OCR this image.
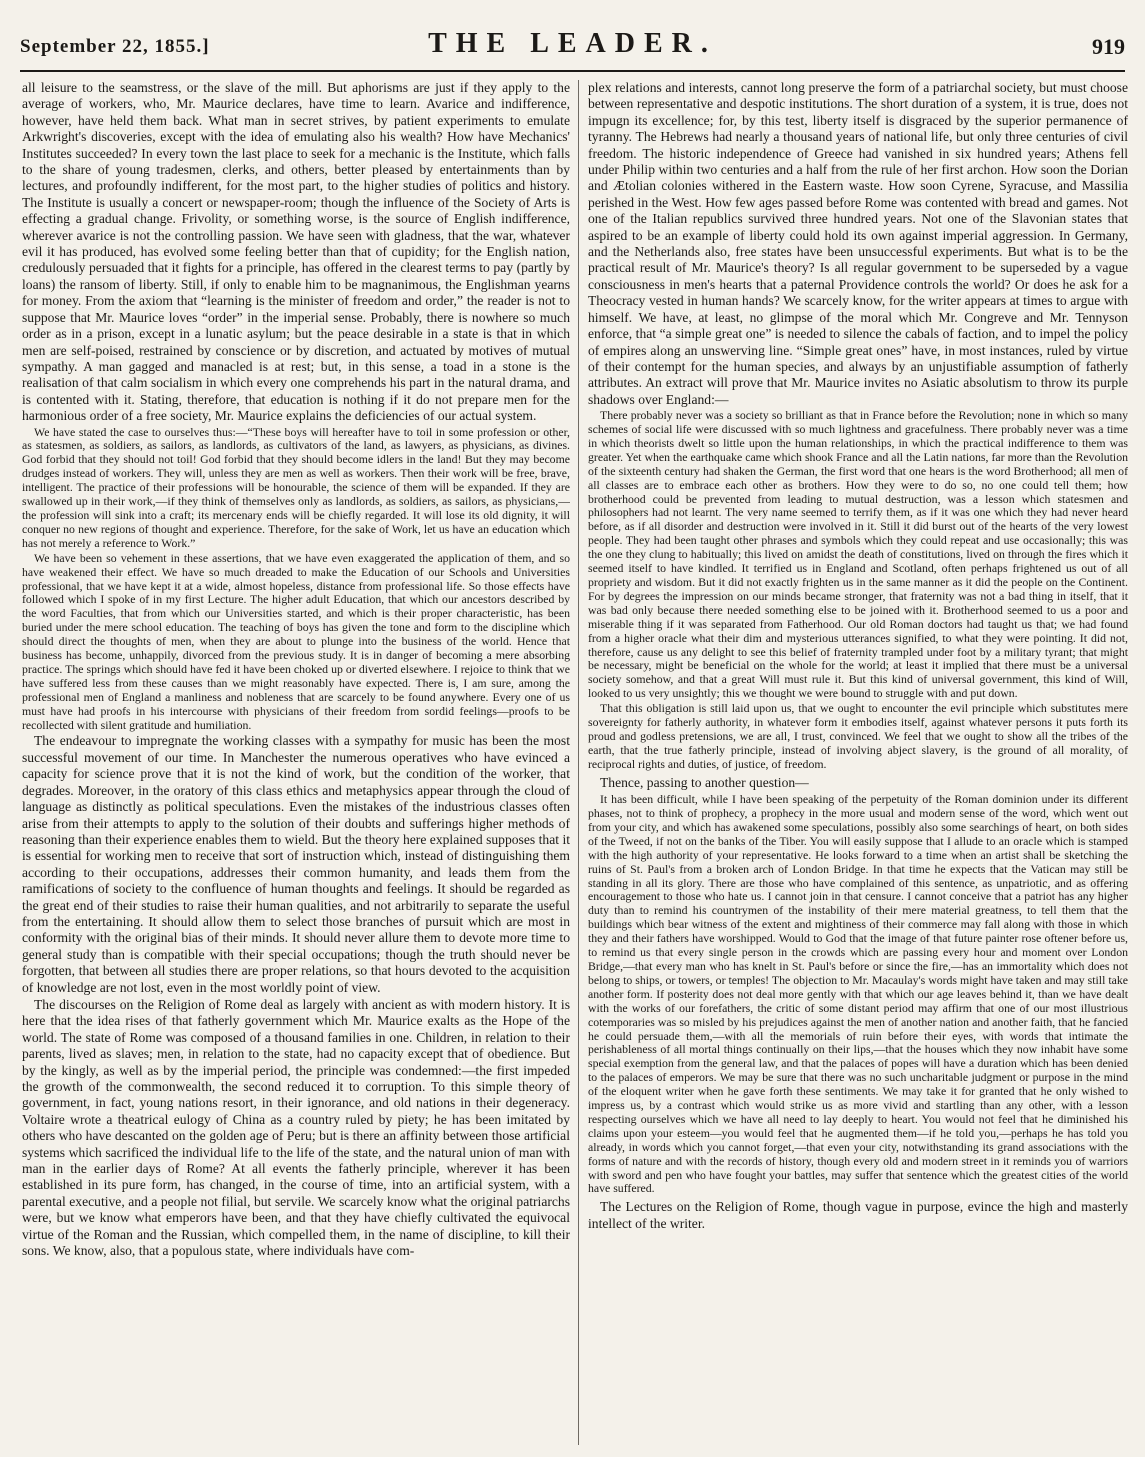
September 22, 1855.]	THE LEADER.	919

all leisure to the seamstress, or the slave of the mill. But aphorisms are just if they apply to the average of workers, who, Mr. Maurice declares, have time to learn. Avarice and indifference, however, have held them back. What man in secret strives, by patient experiments to emulate Arkwright's discoveries, except with the idea of emulating also his wealth? How have Mechanics' Institutes succeeded? In every town the last place to seek for a mechanic is the Institute, which falls to the share of young tradesmen, clerks, and others, better pleased by entertainments than by lectures, and profoundly indifferent, for the most part, to the higher studies of politics and history. The Institute is usually a concert or newspaper-room; though the influence of the Society of Arts is effecting a gradual change. Frivolity, or something worse, is the source of English indifference, wherever avarice is not the controlling passion. We have seen with gladness, that the war, whatever evil it has produced, has evolved some feeling better than that of cupidity; for the English nation, credulously persuaded that it fights for a principle, has offered in the clearest terms to pay (partly by loans) the ransom of liberty. Still, if only to enable him to be magnanimous, the Englishman yearns for money. From the axiom that “learning is the minister of freedom and order,” the reader is not to suppose that Mr. Maurice loves “order” in the imperial sense. Probably, there is nowhere so much order as in a prison, except in a lunatic asylum; but the peace desirable in a state is that in which men are self-poised, restrained by conscience or by discretion, and actuated by motives of mutual sympathy. A man gagged and manacled is at rest; but, in this sense, a toad in a stone is the realisation of that calm socialism in which every one comprehends his part in the natural drama, and is contented with it. Stating, therefore, that education is nothing if it do not prepare men for the harmonious order of a free society, Mr. Maurice explains the deficiencies of our actual system.

We have stated the case to ourselves thus:—“These boys will hereafter have to toil in some profession or other, as statesmen, as soldiers, as sailors, as landlords, as cultivators of the land, as lawyers, as physicians, as divines. God forbid that they should not toil! God forbid that they should become idlers in the land! But they may become drudges instead of workers. They will, unless they are men as well as workers. Then their work will be free, brave, intelligent. The practice of their professions will be honourable, the science of them will be expanded. If they are swallowed up in their work,—if they think of themselves only as landlords, as soldiers, as sailors, as physicians,—the profession will sink into a craft; its mercenary ends will be chiefly regarded. It will lose its old dignity, it will conquer no new regions of thought and experience. Therefore, for the sake of Work, let us have an education which has not merely a reference to Work.”

We have been so vehement in these assertions, that we have even exaggerated the application of them, and so have weakened their effect. We have so much dreaded to make the Education of our Schools and Universities professional, that we have kept it at a wide, almost hopeless, distance from professional life. So those effects have followed which I spoke of in my first Lecture. The higher adult Education, that which our ancestors described by the word Faculties, that from which our Universities started, and which is their proper characteristic, has been buried under the mere school education. The teaching of boys has given the tone and form to the discipline which should direct the thoughts of men, when they are about to plunge into the business of the world. Hence that business has become, unhappily, divorced from the previous study. It is in danger of becoming a mere absorbing practice. The springs which should have fed it have been choked up or diverted elsewhere. I rejoice to think that we have suffered less from these causes than we might reasonably have expected. There is, I am sure, among the professional men of England a manliness and nobleness that are scarcely to be found anywhere. Every one of us must have had proofs in his intercourse with physicians of their freedom from sordid feelings—proofs to be recollected with silent gratitude and humiliation.

The endeavour to impregnate the working classes with a sympathy for music has been the most successful movement of our time. In Manchester the numerous operatives who have evinced a capacity for science prove that it is not the kind of work, but the condition of the worker, that degrades. Moreover, in the oratory of this class ethics and metaphysics appear through the cloud of language as distinctly as political speculations. Even the mistakes of the industrious classes often arise from their attempts to apply to the solution of their doubts and sufferings higher methods of reasoning than their experience enables them to wield. But the theory here explained supposes that it is essential for working men to receive that sort of instruction which, instead of distinguishing them according to their occupations, addresses their common humanity, and leads them from the ramifications of society to the confluence of human thoughts and feelings. It should be regarded as the great end of their studies to raise their human qualities, and not arbitrarily to separate the useful from the entertaining. It should allow them to select those branches of pursuit which are most in conformity with the original bias of their minds. It should never allure them to devote more time to general study than is compatible with their special occupations; though the truth should never be forgotten, that between all studies there are proper relations, so that hours devoted to the acquisition of knowledge are not lost, even in the most worldly point of view.

The discourses on the Religion of Rome deal as largely with ancient as with modern history. It is here that the idea rises of that fatherly government which Mr. Maurice exalts as the Hope of the world. The state of Rome was composed of a thousand families in one. Children, in relation to their parents, lived as slaves; men, in relation to the state, had no capacity except that of obedience. But by the kingly, as well as by the imperial period, the principle was condemned:—the first impeded the growth of the commonwealth, the second reduced it to corruption. To this simple theory of government, in fact, young nations resort, in their ignorance, and old nations in their degeneracy. Voltaire wrote a theatrical eulogy of China as a country ruled by piety; he has been imitated by others who have descanted on the golden age of Peru; but is there an affinity between those artificial systems which sacrificed the individual life to the life of the state, and the natural union of man with man in the earlier days of Rome? At all events the fatherly principle, wherever it has been established in its pure form, has changed, in the course of time, into an artificial system, with a parental executive, and a people not filial, but servile. We scarcely know what the original patriarchs were, but we know what emperors have been, and that they have chiefly cultivated the equivocal virtue of the Roman and the Russian, which compelled them, in the name of discipline, to kill their sons. We know, also, that a populous state, where individuals have com-

plex relations and interests, cannot long preserve the form of a patriarchal society, but must choose between representative and despotic institutions. The short duration of a system, it is true, does not impugn its excellence; for, by this test, liberty itself is disgraced by the superior permanence of tyranny. The Hebrews had nearly a thousand years of national life, but only three centuries of civil freedom. The historic independence of Greece had vanished in six hundred years; Athens fell under Philip within two centuries and a half from the rule of her first archon. How soon the Dorian and Ætolian colonies withered in the Eastern waste. How soon Cyrene, Syracuse, and Massilia perished in the West. How few ages passed before Rome was contented with bread and games. Not one of the Italian republics survived three hundred years. Not one of the Slavonian states that aspired to be an example of liberty could hold its own against imperial aggression. In Germany, and the Netherlands also, free states have been unsuccessful experiments. But what is to be the practical result of Mr. Maurice's theory? Is all regular government to be superseded by a vague consciousness in men's hearts that a paternal Providence controls the world? Or does he ask for a Theocracy vested in human hands? We scarcely know, for the writer appears at times to argue with himself. We have, at least, no glimpse of the moral which Mr. Congreve and Mr. Tennyson enforce, that “a simple great one” is needed to silence the cabals of faction, and to impel the policy of empires along an unswerving line. “Simple great ones” have, in most instances, ruled by virtue of their contempt for the human species, and always by an unjustifiable assumption of fatherly attributes. An extract will prove that Mr. Maurice invites no Asiatic absolutism to throw its purple shadows over England:—

There probably never was a society so brilliant as that in France before the Revolution; none in which so many schemes of social life were discussed with so much lightness and gracefulness. There probably never was a time in which theorists dwelt so little upon the human relationships, in which the practical indifference to them was greater. Yet when the earthquake came which shook France and all the Latin nations, far more than the Revolution of the sixteenth century had shaken the German, the first word that one hears is the word Brotherhood; all men of all classes are to embrace each other as brothers. How they were to do so, no one could tell them; how brotherhood could be prevented from leading to mutual destruction, was a lesson which statesmen and philosophers had not learnt. The very name seemed to terrify them, as if it was one which they had never heard before, as if all disorder and destruction were involved in it. Still it did burst out of the hearts of the very lowest people. They had been taught other phrases and symbols which they could repeat and use occasionally; this was the one they clung to habitually; this lived on amidst the death of constitutions, lived on through the fires which it seemed itself to have kindled. It terrified us in England and Scotland, often perhaps frightened us out of all propriety and wisdom. But it did not exactly frighten us in the same manner as it did the people on the Continent. For by degrees the impression on our minds became stronger, that fraternity was not a bad thing in itself, that it was bad only because there needed something else to be joined with it. Brotherhood seemed to us a poor and miserable thing if it was separated from Fatherhood. Our old Roman doctors had taught us that; we had found from a higher oracle what their dim and mysterious utterances signified, to what they were pointing. It did not, therefore, cause us any delight to see this belief of fraternity trampled under foot by a military tyrant; that might be necessary, might be beneficial on the whole for the world; at least it implied that there must be a universal society somehow, and that a great Will must rule it. But this kind of universal government, this kind of Will, looked to us very unsightly; this we thought we were bound to struggle with and put down.

That this obligation is still laid upon us, that we ought to encounter the evil principle which substitutes mere sovereignty for fatherly authority, in whatever form it embodies itself, against whatever persons it puts forth its proud and godless pretensions, we are all, I trust, convinced. We feel that we ought to show all the tribes of the earth, that the true fatherly principle, instead of involving abject slavery, is the ground of all morality, of reciprocal rights and duties, of justice, of freedom.

Thence, passing to another question—

It has been difficult, while I have been speaking of the perpetuity of the Roman dominion under its different phases, not to think of prophecy, a prophecy in the more usual and modern sense of the word, which went out from your city, and which has awakened some speculations, possibly also some searchings of heart, on both sides of the Tweed, if not on the banks of the Tiber. You will easily suppose that I allude to an oracle which is stamped with the high authority of your representative. He looks forward to a time when an artist shall be sketching the ruins of St. Paul's from a broken arch of London Bridge. In that time he expects that the Vatican may still be standing in all its glory. There are those who have complained of this sentence, as unpatriotic, and as offering encouragement to those who hate us. I cannot join in that censure. I cannot conceive that a patriot has any higher duty than to remind his countrymen of the instability of their mere material greatness, to tell them that the buildings which bear witness of the extent and mightiness of their commerce may fall along with those in which they and their fathers have worshipped. Would to God that the image of that future painter rose oftener before us, to remind us that every single person in the crowds which are passing every hour and moment over London Bridge,—that every man who has knelt in St. Paul's before or since the fire,—has an immortality which does not belong to ships, or towers, or temples! The objection to Mr. Macaulay's words might have taken and may still take another form. If posterity does not deal more gently with that which our age leaves behind it, than we have dealt with the works of our forefathers, the critic of some distant period may affirm that one of our most illustrious cotemporaries was so misled by his prejudices against the men of another nation and another faith, that he fancied he could persuade them,—with all the memorials of ruin before their eyes, with words that intimate the perishableness of all mortal things continually on their lips,—that the houses which they now inhabit have some special exemption from the general law, and that the palaces of popes will have a duration which has been denied to the palaces of emperors. We may be sure that there was no such uncharitable judgment or purpose in the mind of the eloquent writer when he gave forth these sentiments. We may take it for granted that he only wished to impress us, by a contrast which would strike us as more vivid and startling than any other, with a lesson respecting ourselves which we have all need to lay deeply to heart. You would not feel that he diminished his claims upon your esteem—you would feel that he augmented them—if he told you,—perhaps he has told you already, in words which you cannot forget,—that even your city, notwithstanding its grand associations with the forms of nature and with the records of history, though every old and modern street in it reminds you of warriors with sword and pen who have fought your battles, may suffer that sentence which the greatest cities of the world have suffered.

The Lectures on the Religion of Rome, though vague in purpose, evince the high and masterly intellect of the writer.
